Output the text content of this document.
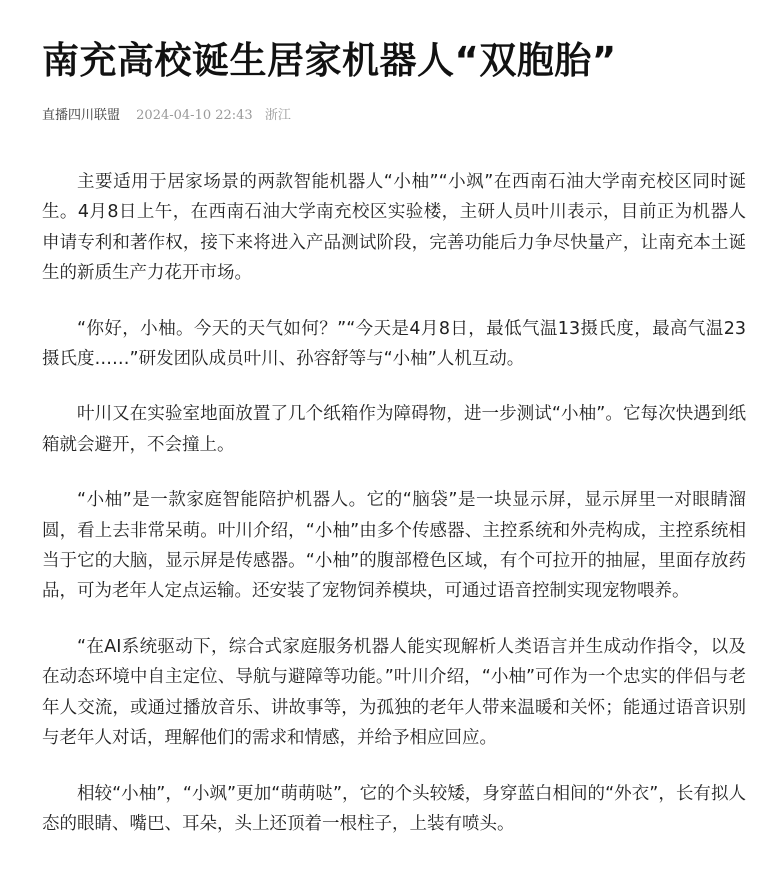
南充高校诞生居家机器人“双胞胎”
直播四川联盟 2024-04-10 22:43 浙江

主要适用于居家场景的两款智能机器人“小柚”“小飒”在西南石油大学南充校区同时诞生。4月8日上午，在西南石油大学南充校区实验楼，主研人员叶川表示，目前正为机器人申请专利和著作权，接下来将进入产品测试阶段，完善功能后力争尽快量产，让南充本土诞生的新质生产力花开市场。

“你好，小柚。今天的天气如何？”“今天是4月8日，最低气温13摄氏度，最高气温23摄氏度……”研发团队成员叶川、孙容舒等与“小柚”人机互动。

叶川又在实验室地面放置了几个纸箱作为障碍物，进一步测试“小柚”。它每次快遇到纸箱就会避开，不会撞上。

“小柚”是一款家庭智能陪护机器人。它的“脑袋”是一块显示屏，显示屏里一对眼睛溜圆，看上去非常呆萌。叶川介绍，“小柚”由多个传感器、主控系统和外壳构成，主控系统相当于它的大脑，显示屏是传感器。“小柚”的腹部橙色区域，有个可拉开的抽屉，里面存放药品，可为老年人定点运输。还安装了宠物饲养模块，可通过语音控制实现宠物喂养。

“在AI系统驱动下，综合式家庭服务机器人能实现解析人类语言并生成动作指令，以及在动态环境中自主定位、导航与避障等功能。”叶川介绍，“小柚”可作为一个忠实的伴侣与老年人交流，或通过播放音乐、讲故事等，为孤独的老年人带来温暖和关怀；能通过语音识别与老年人对话，理解他们的需求和情感，并给予相应回应。

相较“小柚”，“小飒”更加“萌萌哒”，它的个头较矮，身穿蓝白相间的“外衣”，长有拟人态的眼睛、嘴巴、耳朵，头上还顶着一根柱子，上装有喷头。
